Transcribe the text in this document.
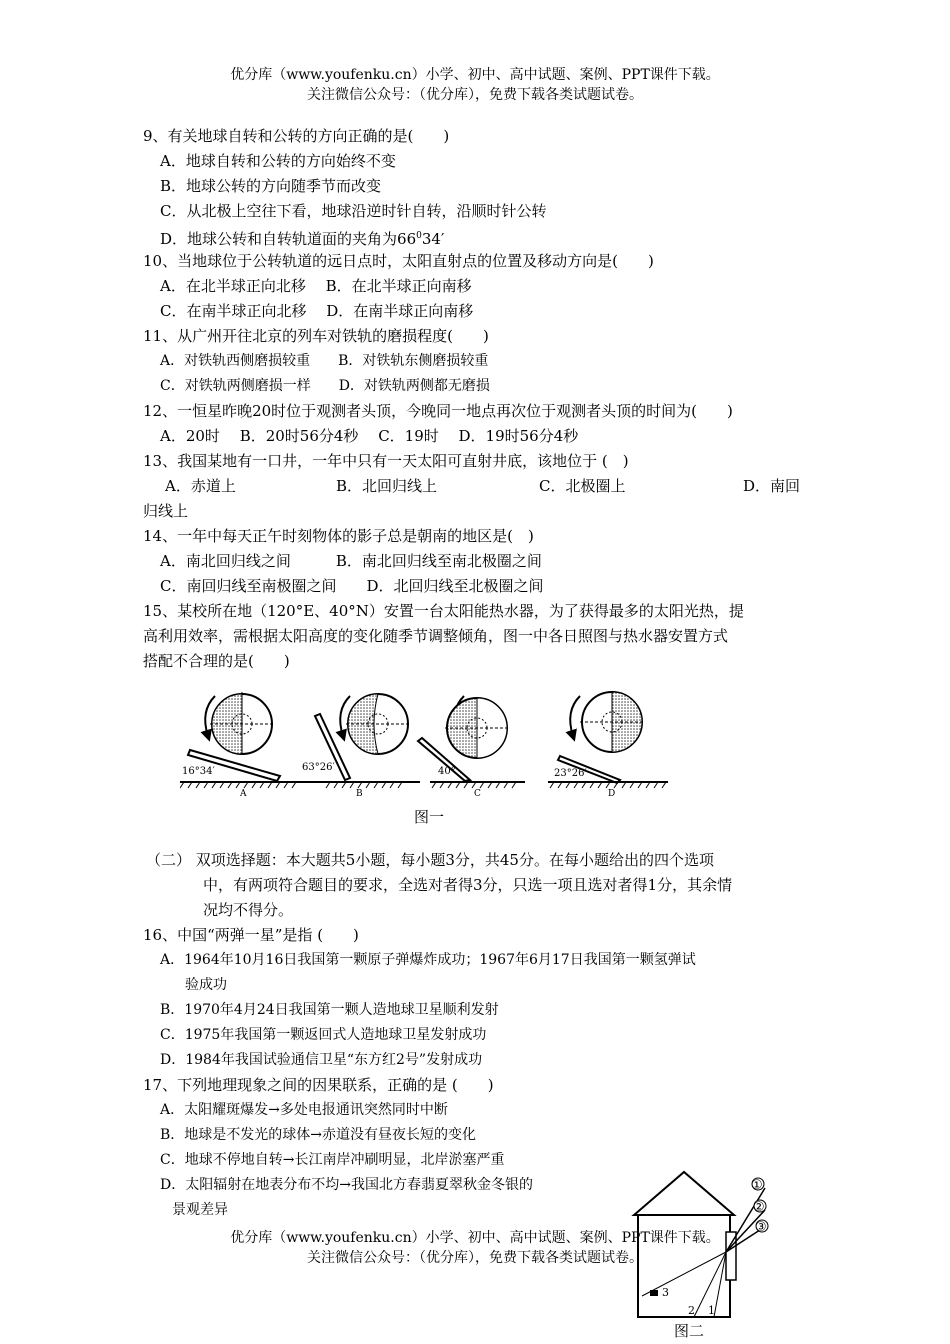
优分库（www.youfenku.cn）小学、初中、高中试题、案例、PPT课件下载。
关注微信公众号：（优分库），免费下载各类试题试卷。
9、有关地球自转和公转的方向正确的是(　　)
A．地球自转和公转的方向始终不变
B．地球公转的方向随季节而改变
C．从北极上空往下看，地球沿逆时针自转，沿顺时针公转
D．地球公转和自转轨道面的夹角为$66^034'$
10、当地球位于公转轨道的远日点时，太阳直射点的位置及移动方向是(　　)
A．在北半球正向北移　 B．在北半球正向南移
C．在南半球正向北移　 D．在南半球正向南移
11、从广州开往北京的列车对铁轨的磨损程度(　　)
A．对铁轨西侧磨损较重　　B．对铁轨东侧磨损较重
C．对铁轨两侧磨损一样　　D．对铁轨两侧都无磨损
12、一恒星昨晚20时位于观测者头顶，今晚同一地点再次位于观测者头顶的时间为(　　)
A．20时　 B．20时56分4秒　 C．19时　 D．19时56分4秒
13、我国某地有一口井，一年中只有一天太阳可直射井底，该地位于 (　)
A．赤道上	B．北回归线上	C．北极圈上	D．南回
归线上
14、一年中每天正午时刻物体的影子总是朝南的地区是(　)
A．南北回归线之间　　　B．南北回归线至南北极圈之间
C．南回归线至南极圈之间　　D．北回归线至北极圈之间
15、某校所在地（120°E、40°N）安置一台太阳能热水器，为了获得最多的太阳光热，提
高利用效率，需根据太阳高度的变化随季节调整倾角，图一中各日照图与热水器安置方式
搭配不合理的是(　　)
16°34′	63°26′	40°	23°26′
A	B	C	D
图一
（二） 双项选择题：本大题共5小题，每小题3分，共45分。在每小题给出的四个选项
中，有两项符合题目的要求，全选对者得3分，只选一项且选对者得1分，其余情
况均不得分。
16、中国“两弹一星”是指 (　　)
A．1964年10月16日我国第一颗原子弹爆炸成功；1967年6月17日我国第一颗氢弹试
验成功
B．1970年4月24日我国第一颗人造地球卫星顺利发射
C．1975年我国第一颗返回式人造地球卫星发射成功
D．1984年我国试验通信卫星“东方红2号”发射成功
17、下列地理现象之间的因果联系，正确的是 (　　)
A．太阳耀斑爆发→多处电报通讯突然同时中断
B．地球是不发光的球体→赤道没有昼夜长短的变化
C．地球不停地自转→长江南岸冲刷明显，北岸淤塞严重
D．太阳辐射在地表分布不均→我国北方春翡夏翠秋金冬银的
景观差异
①
②
③
3
2 1
图二
优分库（www.youfenku.cn）小学、初中、高中试题、案例、PPT课件下载。
关注微信公众号：（优分库），免费下载各类试题试卷。
